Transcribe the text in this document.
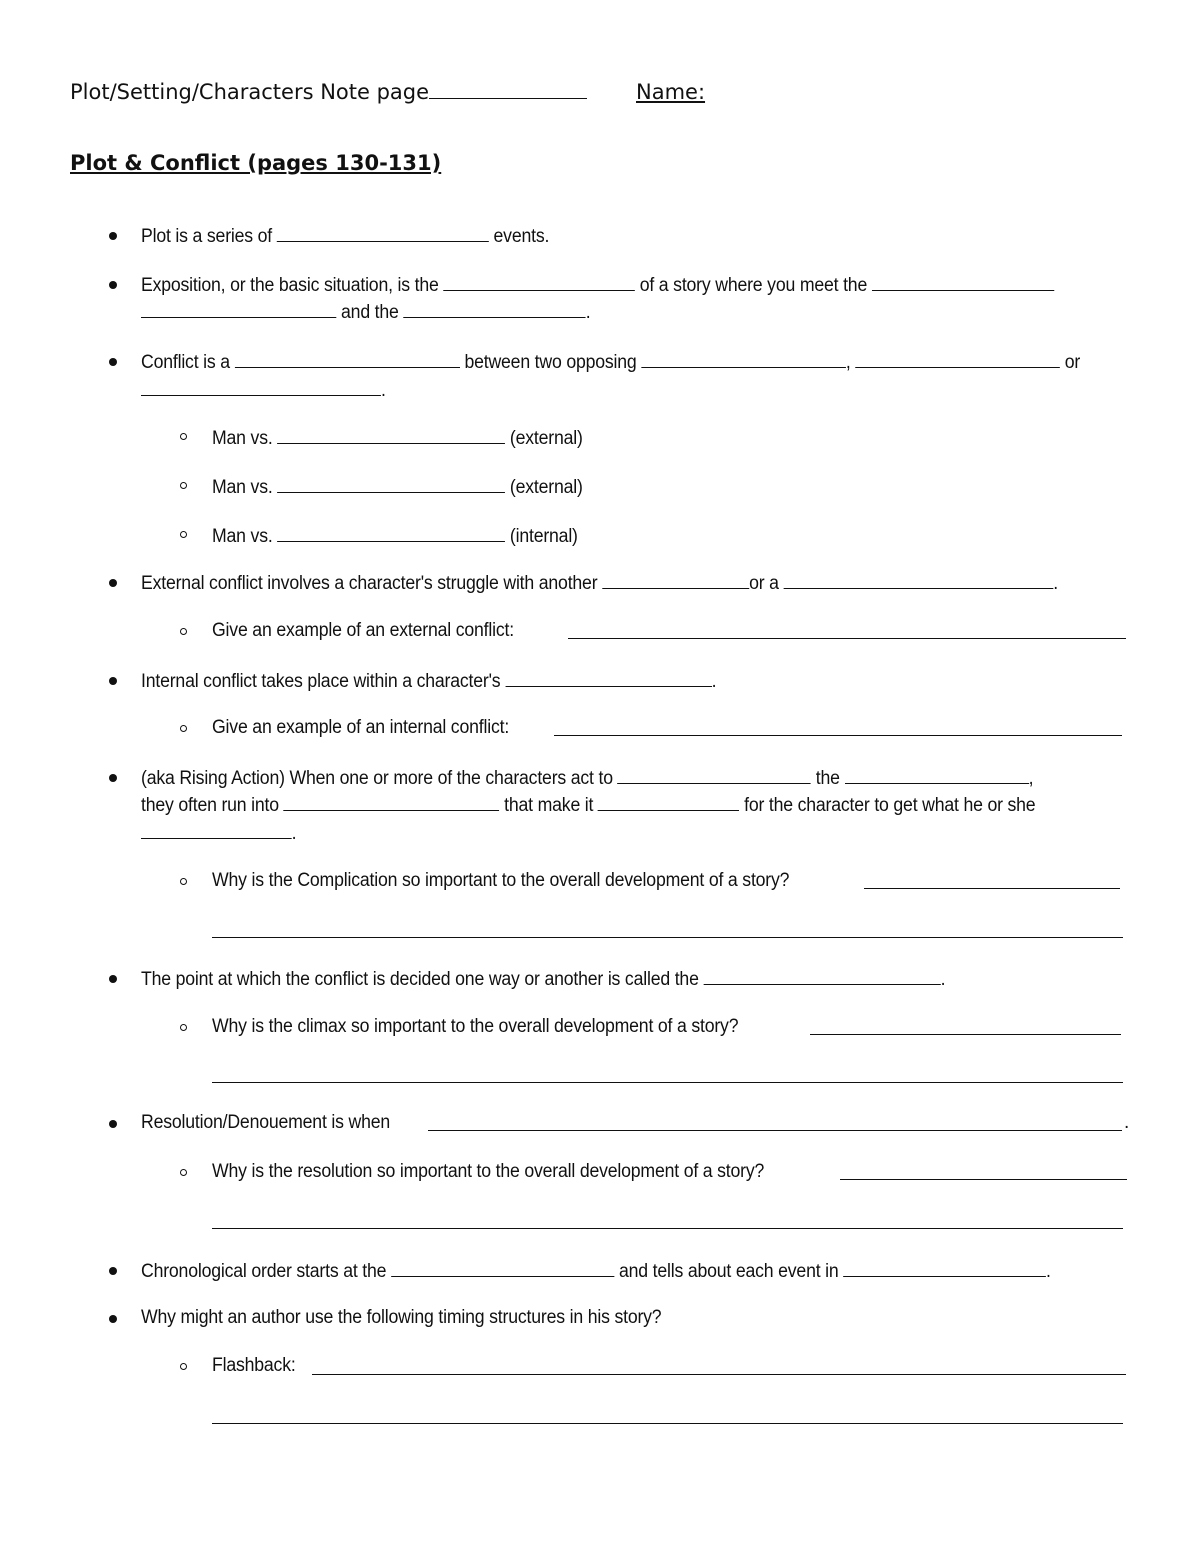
Plot/Setting/Characters Note page	Name:
Plot & Conflict (pages 130-131)
Plot is a series of	events.
Exposition, or the basic situation, is the	of a story where you meet the
and the	.
Conflict is a	between two opposing	,	or
.
Man vs.	(external)
Man vs.	(external)
Man vs.	(internal)
External conflict involves a character's struggle with another	or a	.
Give an example of an external conflict:
Internal conflict takes place within a character's	.
Give an example of an internal conflict:
(aka Rising Action) When one or more of the characters act to	the	,
they often run into	that make it	for the character to get what he or she
.
Why is the Complication so important to the overall development of a story?
The point at which the conflict is decided one way or another is called the	.
Why is the climax so important to the overall development of a story?
Resolution/Denouement is when	.
Why is the resolution so important to the overall development of a story?
Chronological order starts at the	and tells about each event in	.
Why might an author use the following timing structures in his story?
Flashback:
